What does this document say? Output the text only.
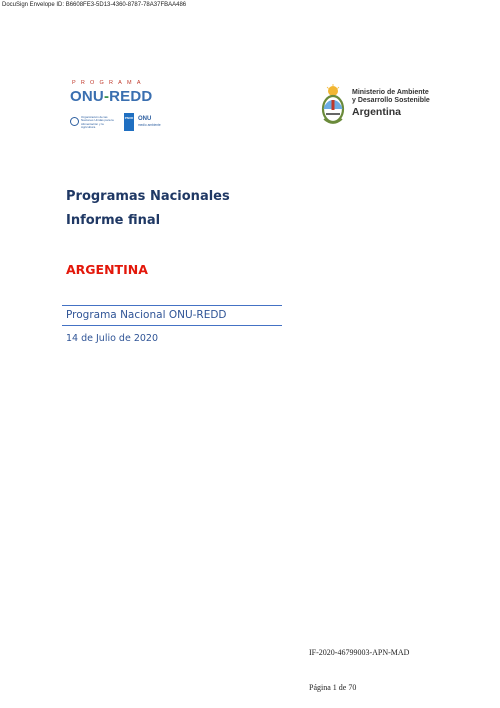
DocuSign Envelope ID: B6608FE3-5D13-4360-8787-78A37FBAA486
PROGRAMA
ONU-REDD
Organización de las Naciones Unidas para la Alimentación y la Agricultura
PNUD ONU
medio ambiente
Ministerio de Ambiente
y Desarrollo Sostenible
Argentina
Programas Nacionales
Informe final
ARGENTINA
Programa Nacional ONU-REDD
14 de Julio de 2020
IF-2020-46799003-APN-MAD
Página 1 de 70
